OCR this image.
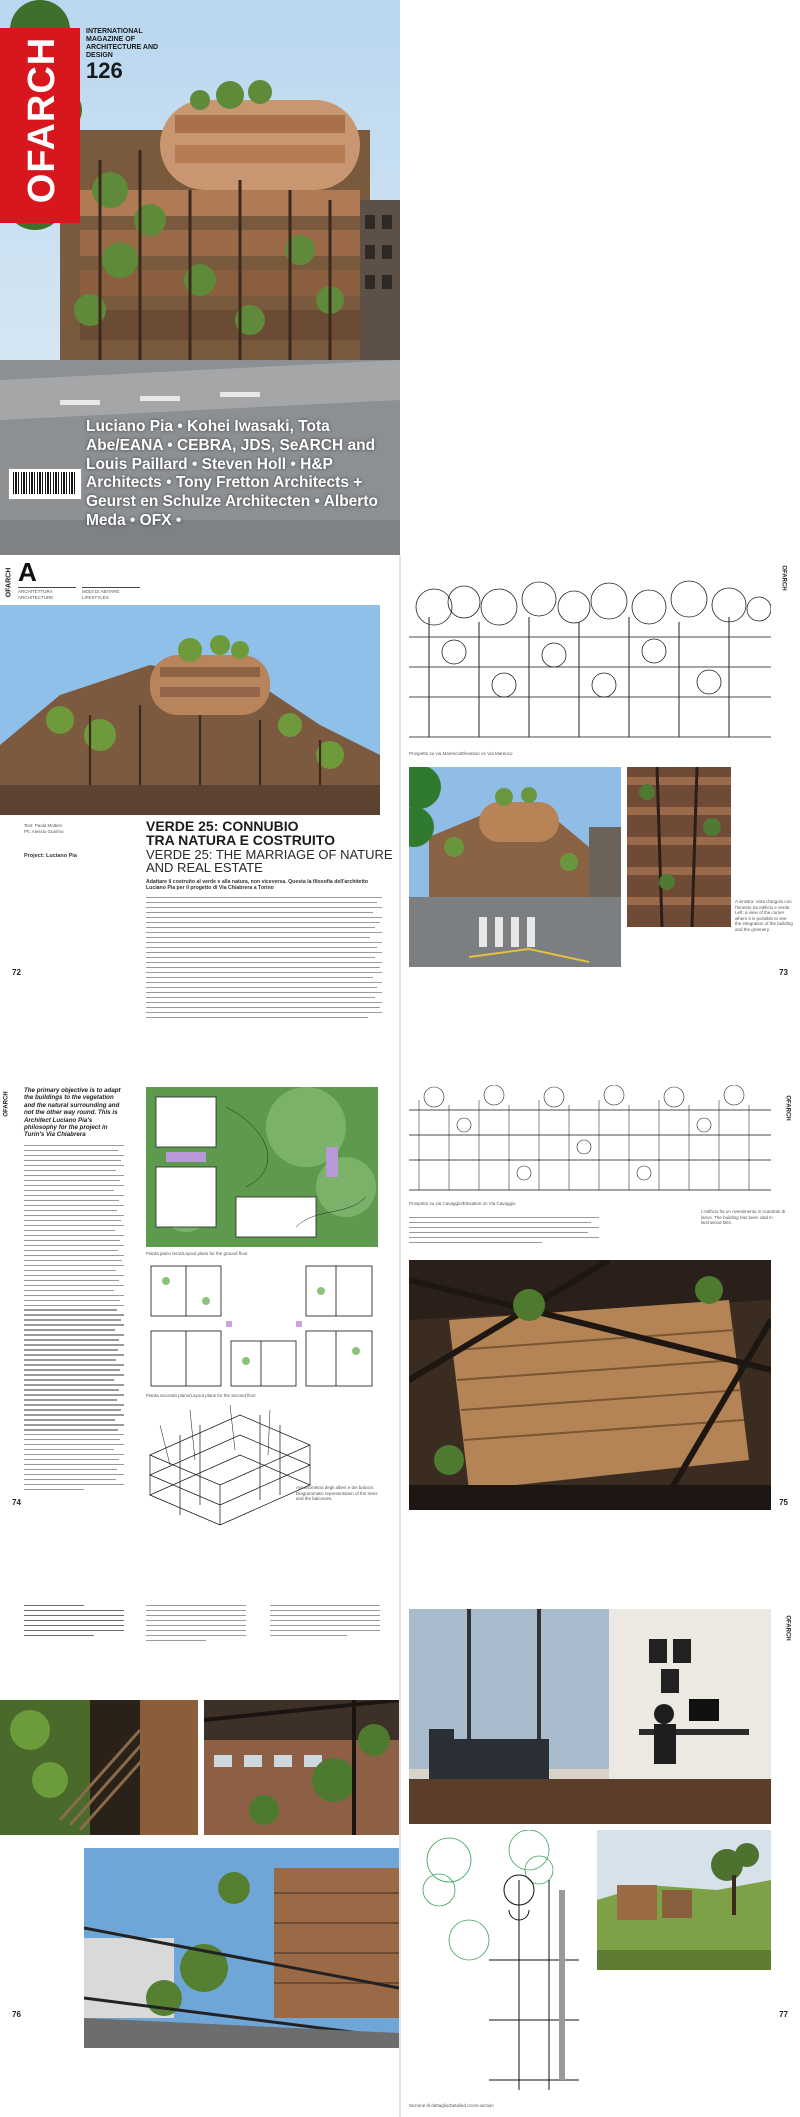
OFARCH 126
INTERNATIONAL MAGAZINE OF ARCHITECTURE AND DESIGN
Luciano Pia • Kohei Iwasaki, Tota Abe/EANA • CEBRA, JDS, SeARCH and Louis Paillard • Steven Holl • H&P Architects • Tony Fretton Architects + Geurst en Schulze Architecten • Alberto Meda • OFX •
OFARCH A
ARCHITETTURA ARCHITECTURE
MODI DI ABITARE LIFESTYLES
Text: Paola Molteni
Ph: Alessio Guarino
Project: Luciano Pia
VERDE 25: CONNUBIO
TRA NATURA E COSTRUITO
VERDE 25: THE MARRIAGE OF NATURE
AND REAL ESTATE
Adattare il costruito al verde e alla natura, non viceversa. Questa la filosofia dell'architetto Luciano Pia per il progetto di Via Chiabrera a Torino
72
OFARCH
Prospetto su via Marenco/Elevation on Via Marenco
A sinistra: vista d'angolo con l'innesto tra edificio e verde. Left: a view of the corner where it is possible to see the integration of the building and the greenery.
73
OFARCH
The primary objective is to adapt the buildings to the vegetation and the natural surrounding and not the other way round. This is Architect Luciano Pia's philosophy for the project in Turin's Via Chiabrera
Pianta piano terra/Layout plans for the ground floor
Pianta secondo piano/Layout plans for the second floor
Assonometria degli alberi e dei balconi. Diagrammatic representation of the trees and the balconies.
74
OFARCH
Prospetto su via Cavaggio/Elevation on Via Cavaggio
L'edificio ha un rivestimento in scandole di larice. The building has been clad in larchwood tiles.
75
76
OFARCH
Sezione di dettaglio/Detailed cross-section
77
